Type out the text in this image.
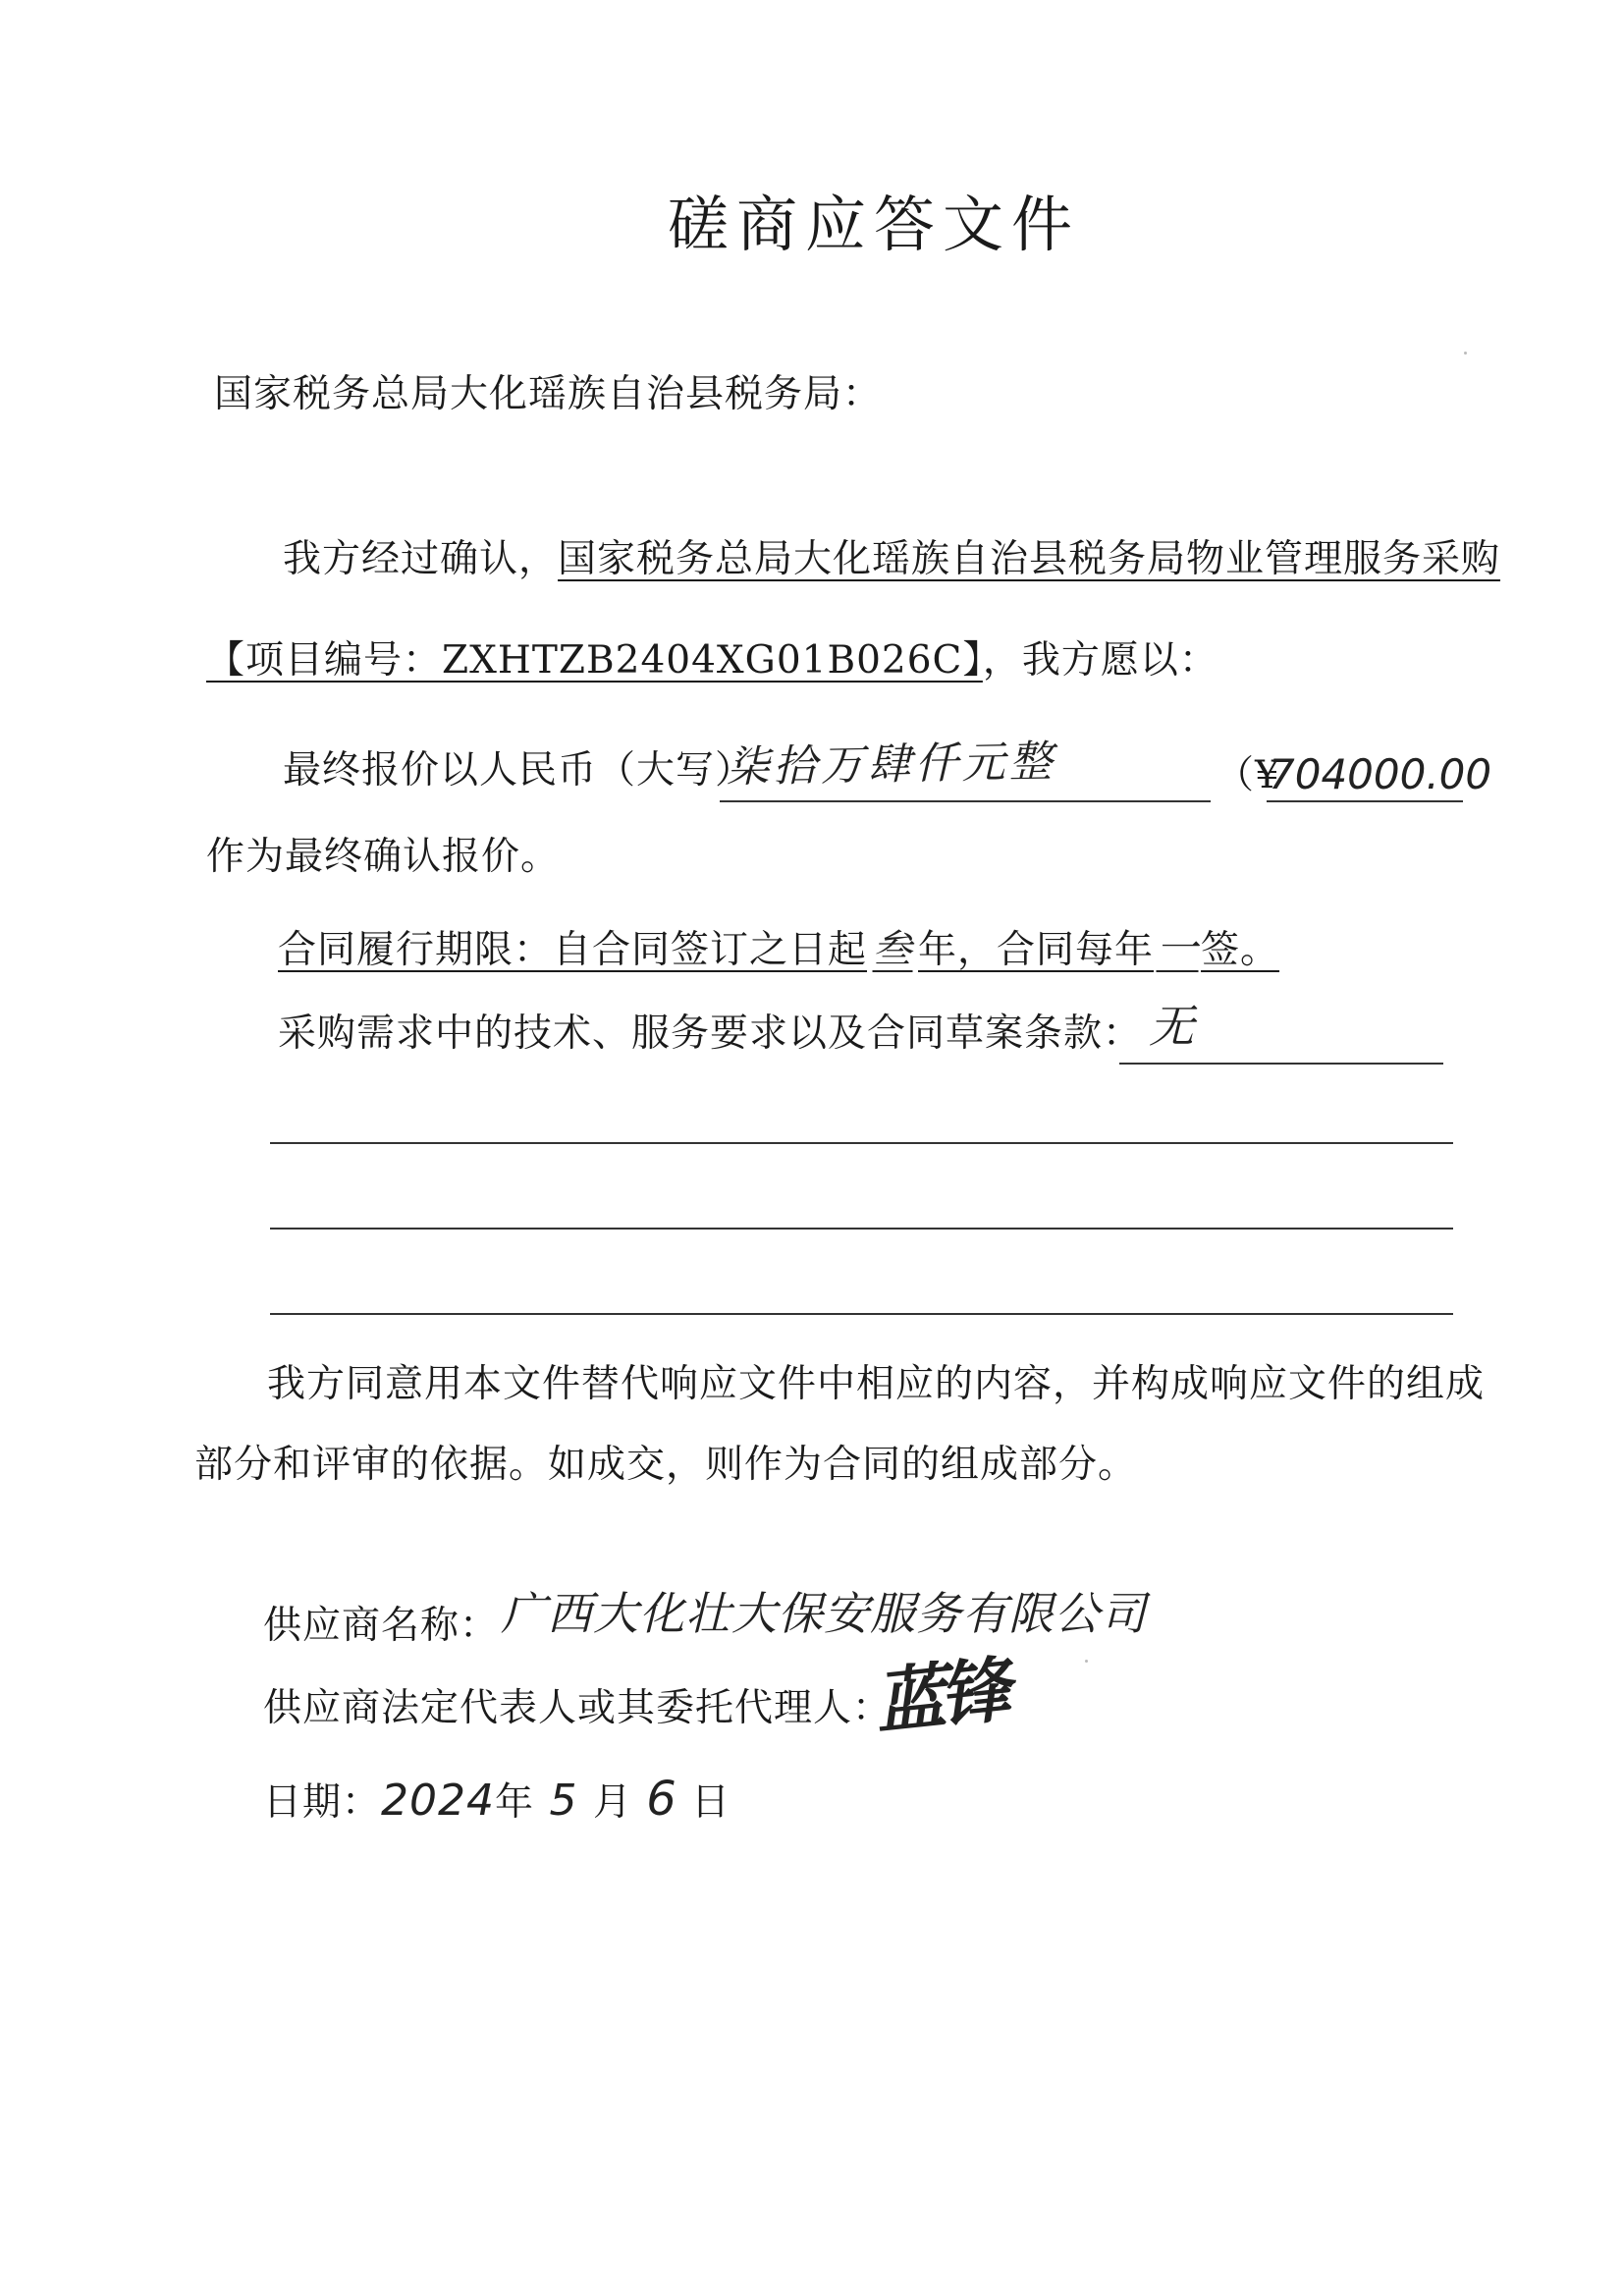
磋商应答文件
国家税务总局大化瑶族自治县税务局：
我方经过确认，国家税务总局大化瑶族自治县税务局物业管理服务采购
【项目编号：ZXHTZB2404XG01B026C】，我方愿以：
最终报价以人民币（大写）
柒拾万肆仟元整	（¥
704000.00
作为最终确认报价。
合同履行期限：自合同签订之日起 叁 年，合同每年一签。
采购需求中的技术、服务要求以及合同草案条款： 无
我方同意用本文件替代响应文件中相应的内容，并构成响应文件的组成
部分和评审的依据。如成交，则作为合同的组成部分。
供应商名称： 广西大化壮大保安服务有限公司
供应商法定代表人或其委托代理人：
蓝锋
日期：2024年 5 月 6 日
